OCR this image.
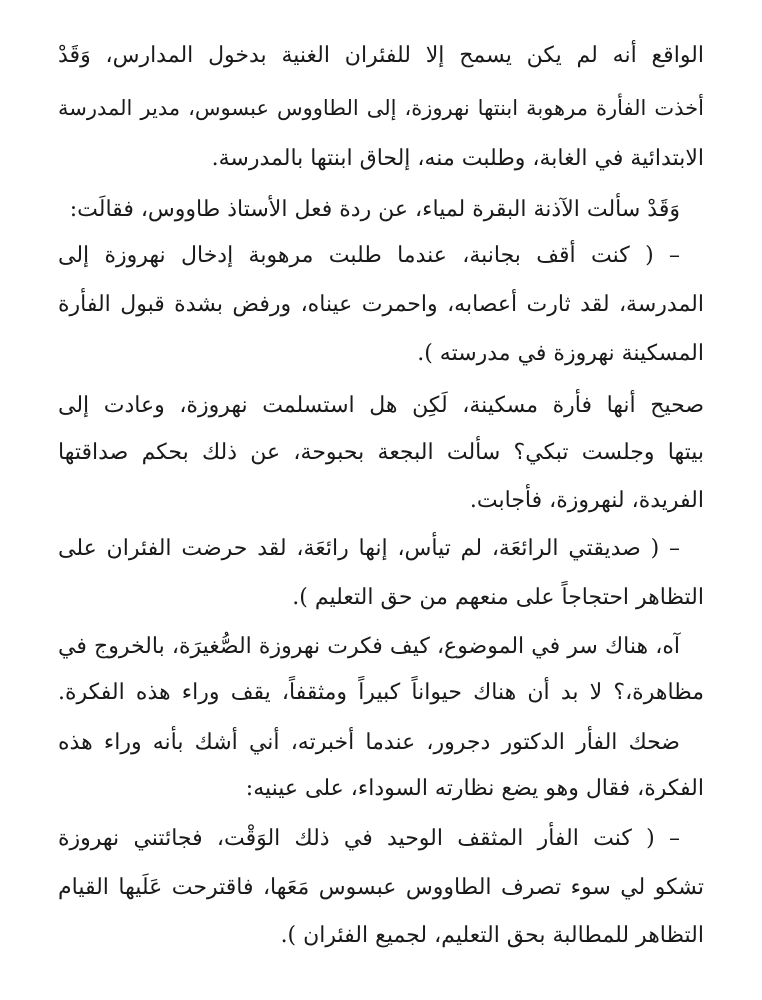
الواقع أنه لم يكن يسمح إلا للفئران الغنية بدخول المدارس، وَقَدْ
أخذت الفأرة مرهوبة ابنتها نهروزة، إلى الطاووس عبسوس، مدير المدرسة
الابتدائية في الغابة، وطلبت منه، إلحاق ابنتها بالمدرسة.
وَقَدْ سألت الآذنة البقرة لمياء، عن ردة فعل الأستاذ طاووس، فقالَت:
– ( كنت أقف بجانبة، عندما طلبت مرهوبة إدخال نهروزة إلى
المدرسة، لقد ثارت أعصابه، واحمرت عيناه، ورفض بشدة قبول الفأرة
المسكينة نهروزة في مدرسته ).
صحيح أنها فأرة مسكينة، لَكِن هل استسلمت نهروزة، وعادت إلى
بيتها وجلست تبكي؟ سألت البجعة بحبوحة، عن ذلك بحكم صداقتها
الفريدة، لنهروزة، فأجابت.
– ( صديقتي الرائعَة، لم تيأس، إنها رائعَة، لقد حرضت الفئران على
التظاهر احتجاجاً على منعهم من حق التعليم ).
آه، هناك سر في الموضوع، كيف فكرت نهروزة الصُّغيرَة، بالخروج في
مظاهرة،؟ لا بد أن هناك حيواناً كبيراً ومثقفاً، يقف وراء هذه الفكرة.
ضحك الفأر الدكتور دجرور، عندما أخبرته، أني أشك بأنه وراء هذه
الفكرة، فقال وهو يضع نظارته السوداء، على عينيه:
– ( كنت الفأر المثقف الوحيد في ذلك الوَقْت، فجائتني نهروزة
تشكو لي سوء تصرف الطاووس عبسوس مَعَها، فاقترحت عَلَيها القيام
التظاهر للمطالبة بحق التعليم، لجميع الفئران ).
